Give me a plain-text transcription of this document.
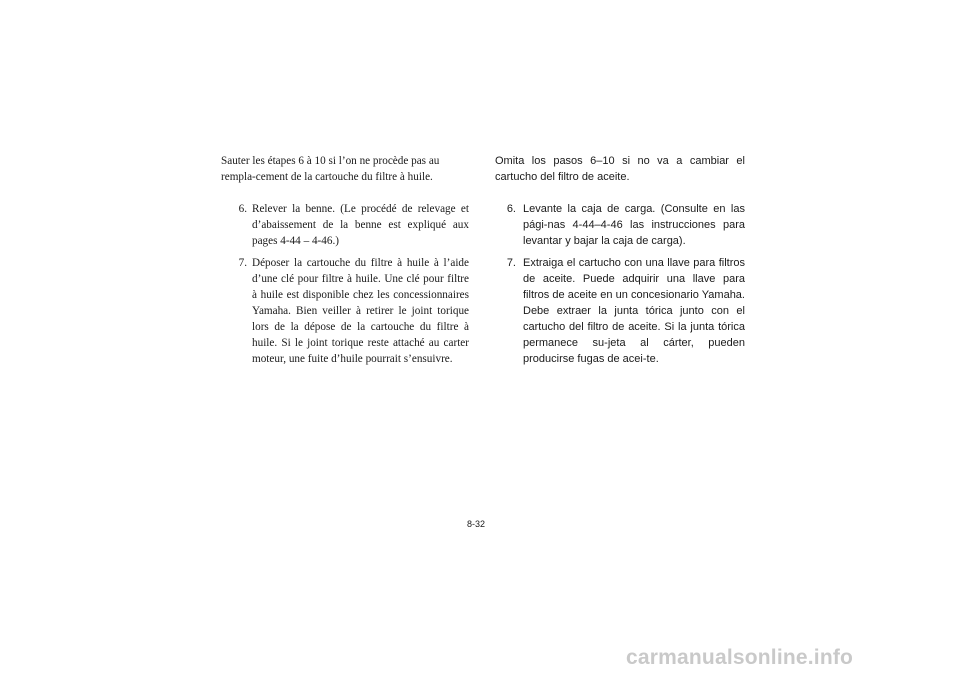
Sauter les étapes 6 à 10 si l’on ne procède pas au rempla-cement de la cartouche du filtre à huile.

6. Relever la benne. (Le procédé de relevage et d’abaissement de la benne est expliqué aux pages 4-44 – 4-46.)
7. Déposer la cartouche du filtre à huile à l’aide d’une clé pour filtre à huile. Une clé pour filtre à huile est disponible chez les concessionnaires Yamaha. Bien veiller à retirer le joint torique lors de la dépose de la cartouche du filtre à huile. Si le joint torique reste attaché au carter moteur, une fuite d’huile pourrait s’ensuivre.

Omita los pasos 6–10 si no va a cambiar el cartucho del filtro de aceite.

6. Levante la caja de carga. (Consulte en las pági-nas 4-44–4-46 las instrucciones para levantar y bajar la caja de carga).
7. Extraiga el cartucho con una llave para filtros de aceite. Puede adquirir una llave para filtros de aceite en un concesionario Yamaha. Debe extraer la junta tórica junto con el cartucho del filtro de aceite. Si la junta tórica permanece su-jeta al cárter, pueden producirse fugas de acei-te.
8-32
carmanualsonline.info
